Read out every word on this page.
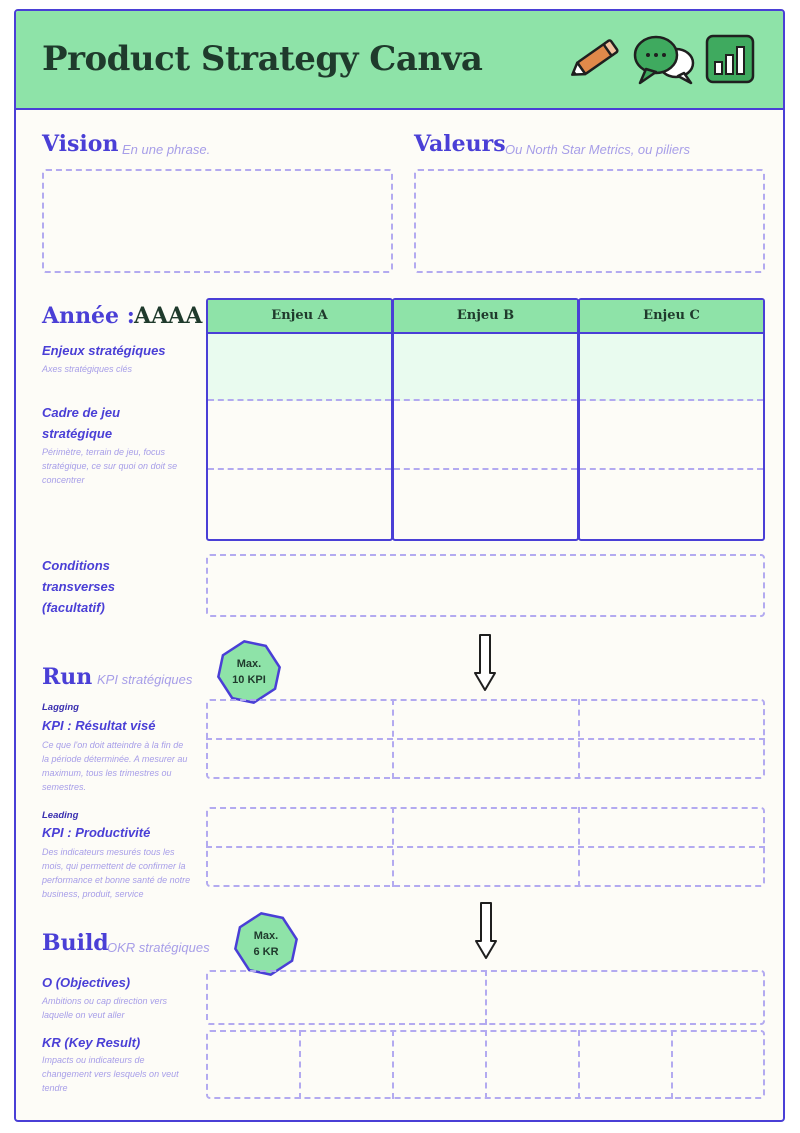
Product Strategy Canva
Vision En une phrase.	Valeurs Ou North Star Metrics, ou piliers
Année : AAAA
Enjeux stratégiques
Axes stratégiques clés
Cadre de jeu stratégique
Périmètre, terrain de jeu, focus stratégique, ce sur quoi on doit se concentrer
Enjeu A	Enjeu B	Enjeu C
Conditions transverses (facultatif)
Run KPI stratégiques
Max.
10 KPI
Lagging
KPI : Résultat visé
Ce que l'on doit atteindre à la fin de la période déterminée. A mesurer au maximum, tous les trimestres ou semestres.
Leading
KPI : Productivité
Des indicateurs mesurés tous les mois, qui permettent de confirmer la performance et bonne santé de notre business, produit, service
Build
OKR stratégiques
Max.
6 KR
O (Objectives)
Ambitions ou cap direction vers laquelle on veut aller
KR (Key Result)
Impacts ou indicateurs de changement vers lesquels on veut tendre
